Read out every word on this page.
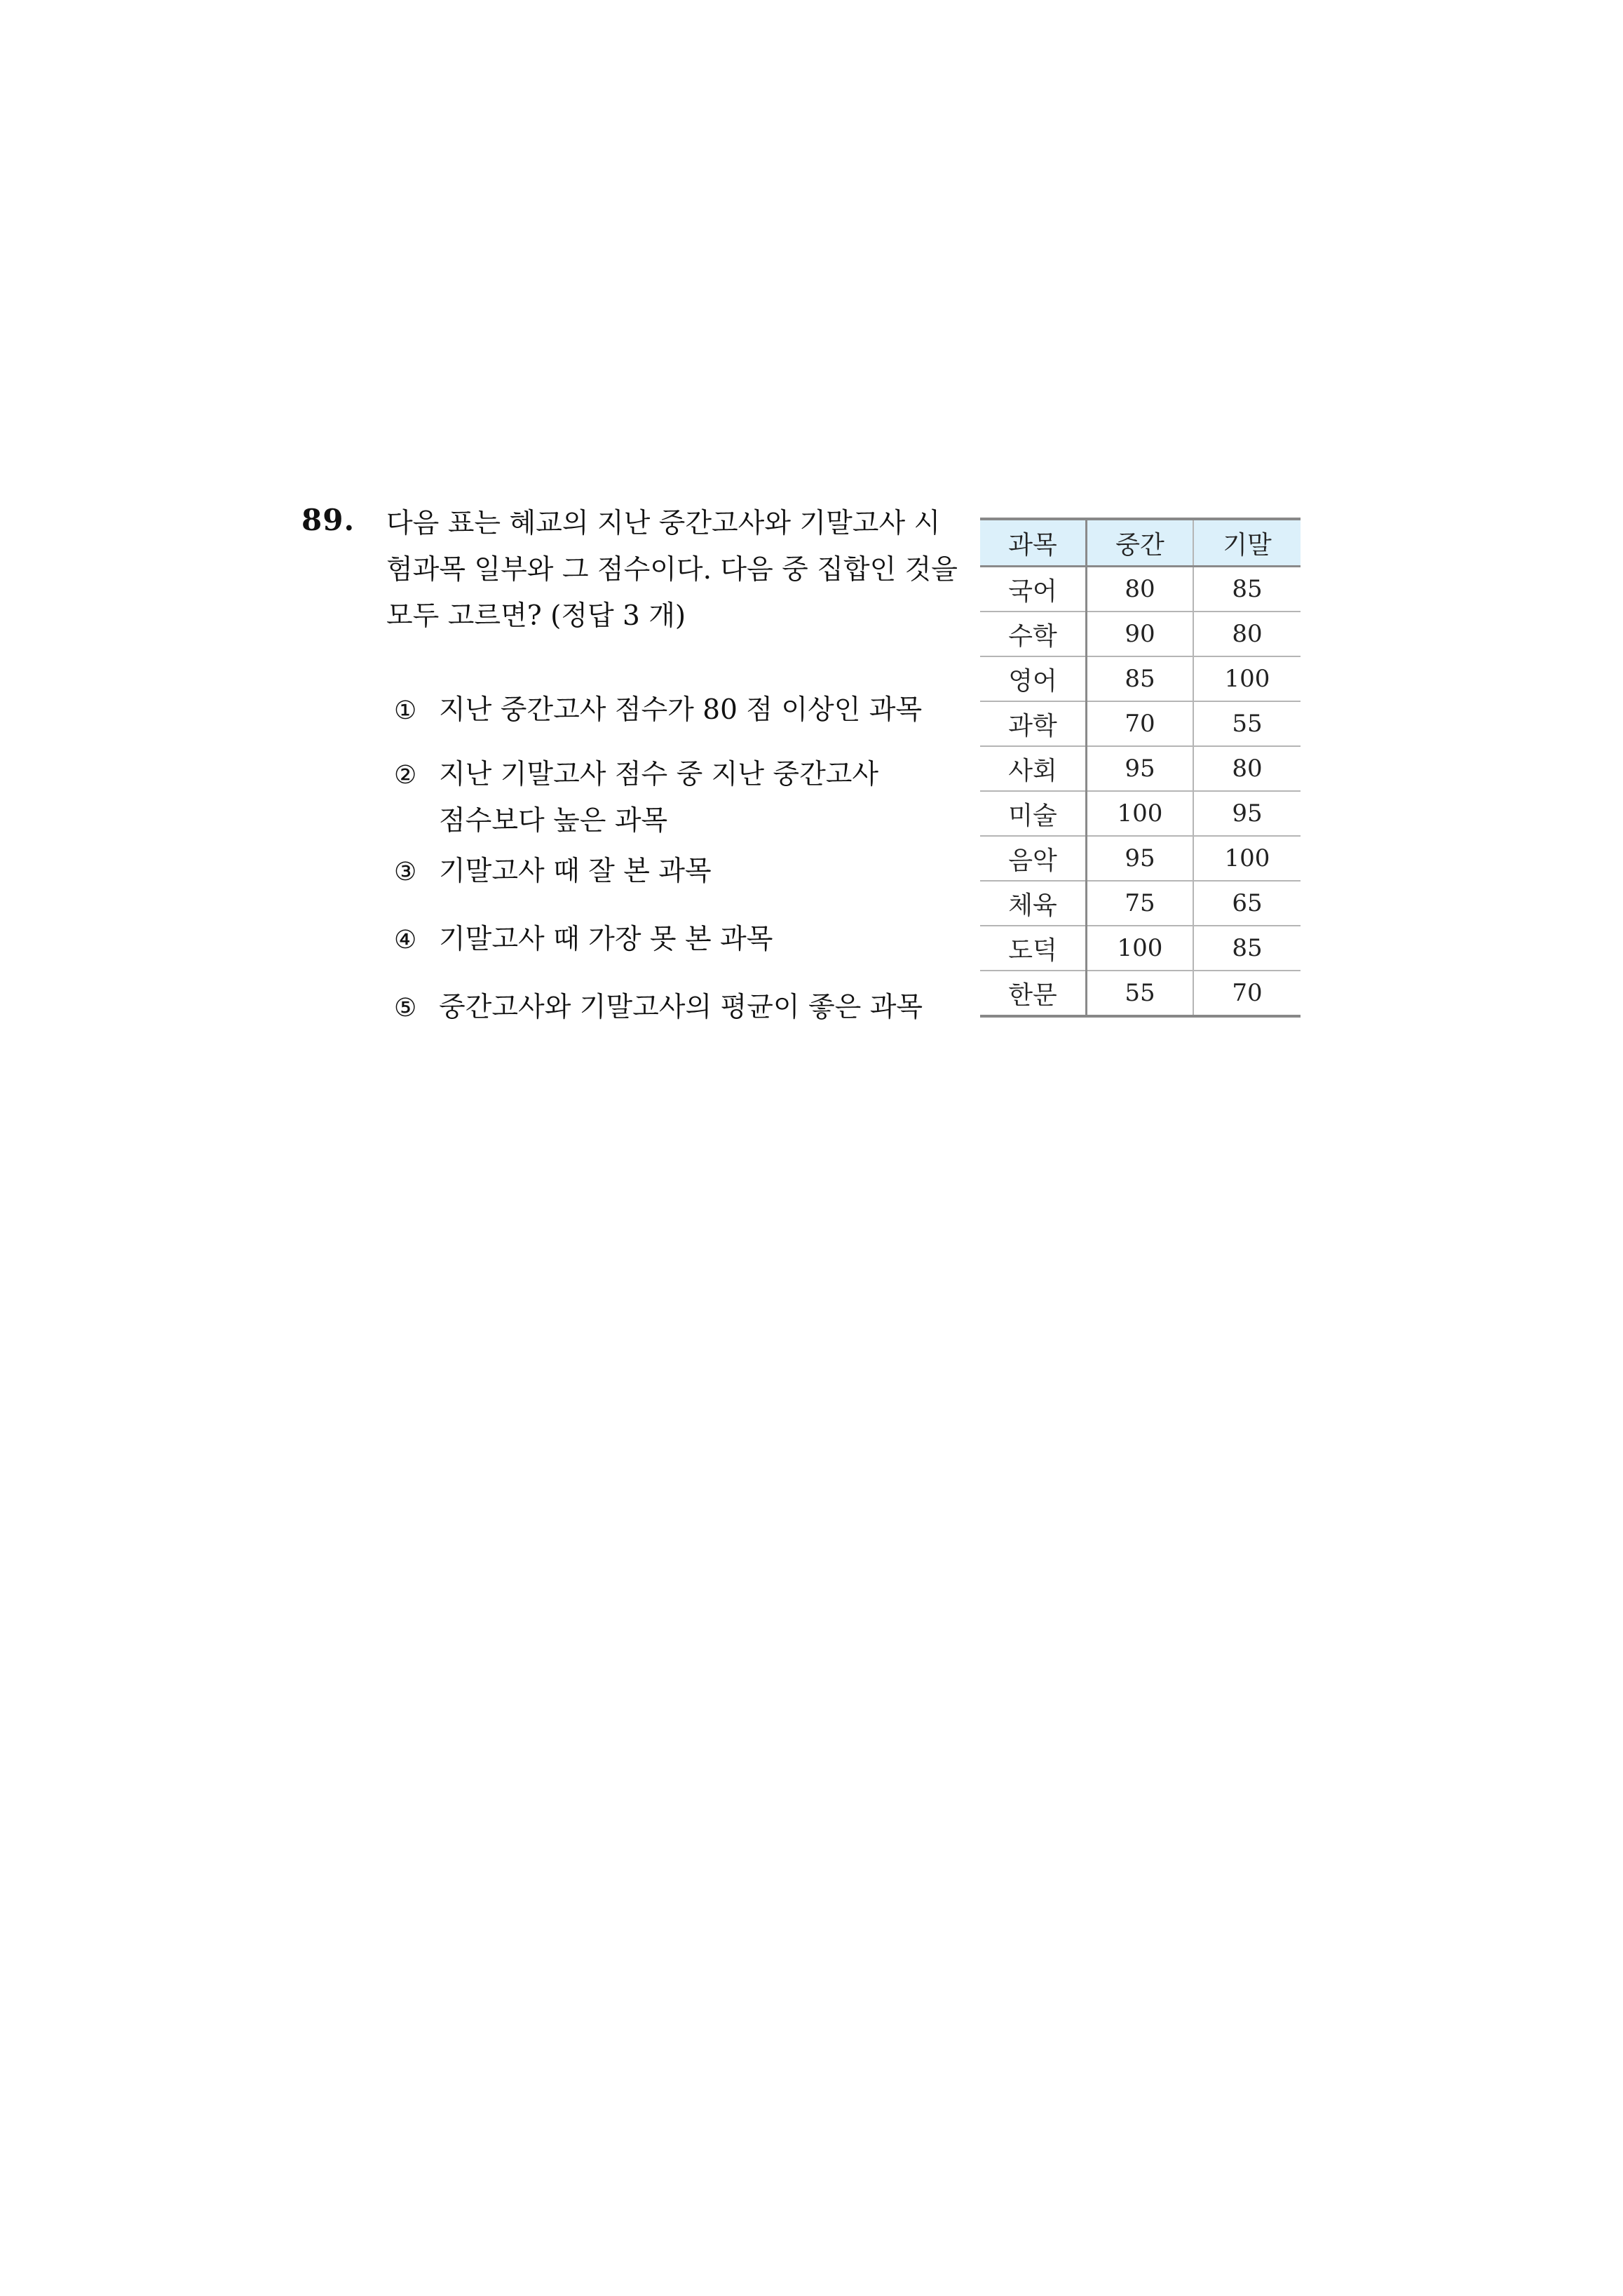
89. 다음 표는 혜교의 지난 중간고사와 기말고사 시
험과목 일부와 그 점수이다. 다음 중 집합인 것을
모두 고르면? (정답 3 개)
① 지난 중간고사 점수가 80 점 이상인 과목
② 지난 기말고사 점수 중 지난 중간고사
점수보다 높은 과목
③ 기말고사 때 잘 본 과목
④ 기말고사 때 가장 못 본 과목
⑤ 중간고사와 기말고사의 평균이 좋은 과목
과목	중간	기말
국어	80	85
수학	90	80
영어	85	100
과학	70	55
사회	95	80
미술	100	95
음악	95	100
체육	75	65
도덕	100	85
한문	55	70
